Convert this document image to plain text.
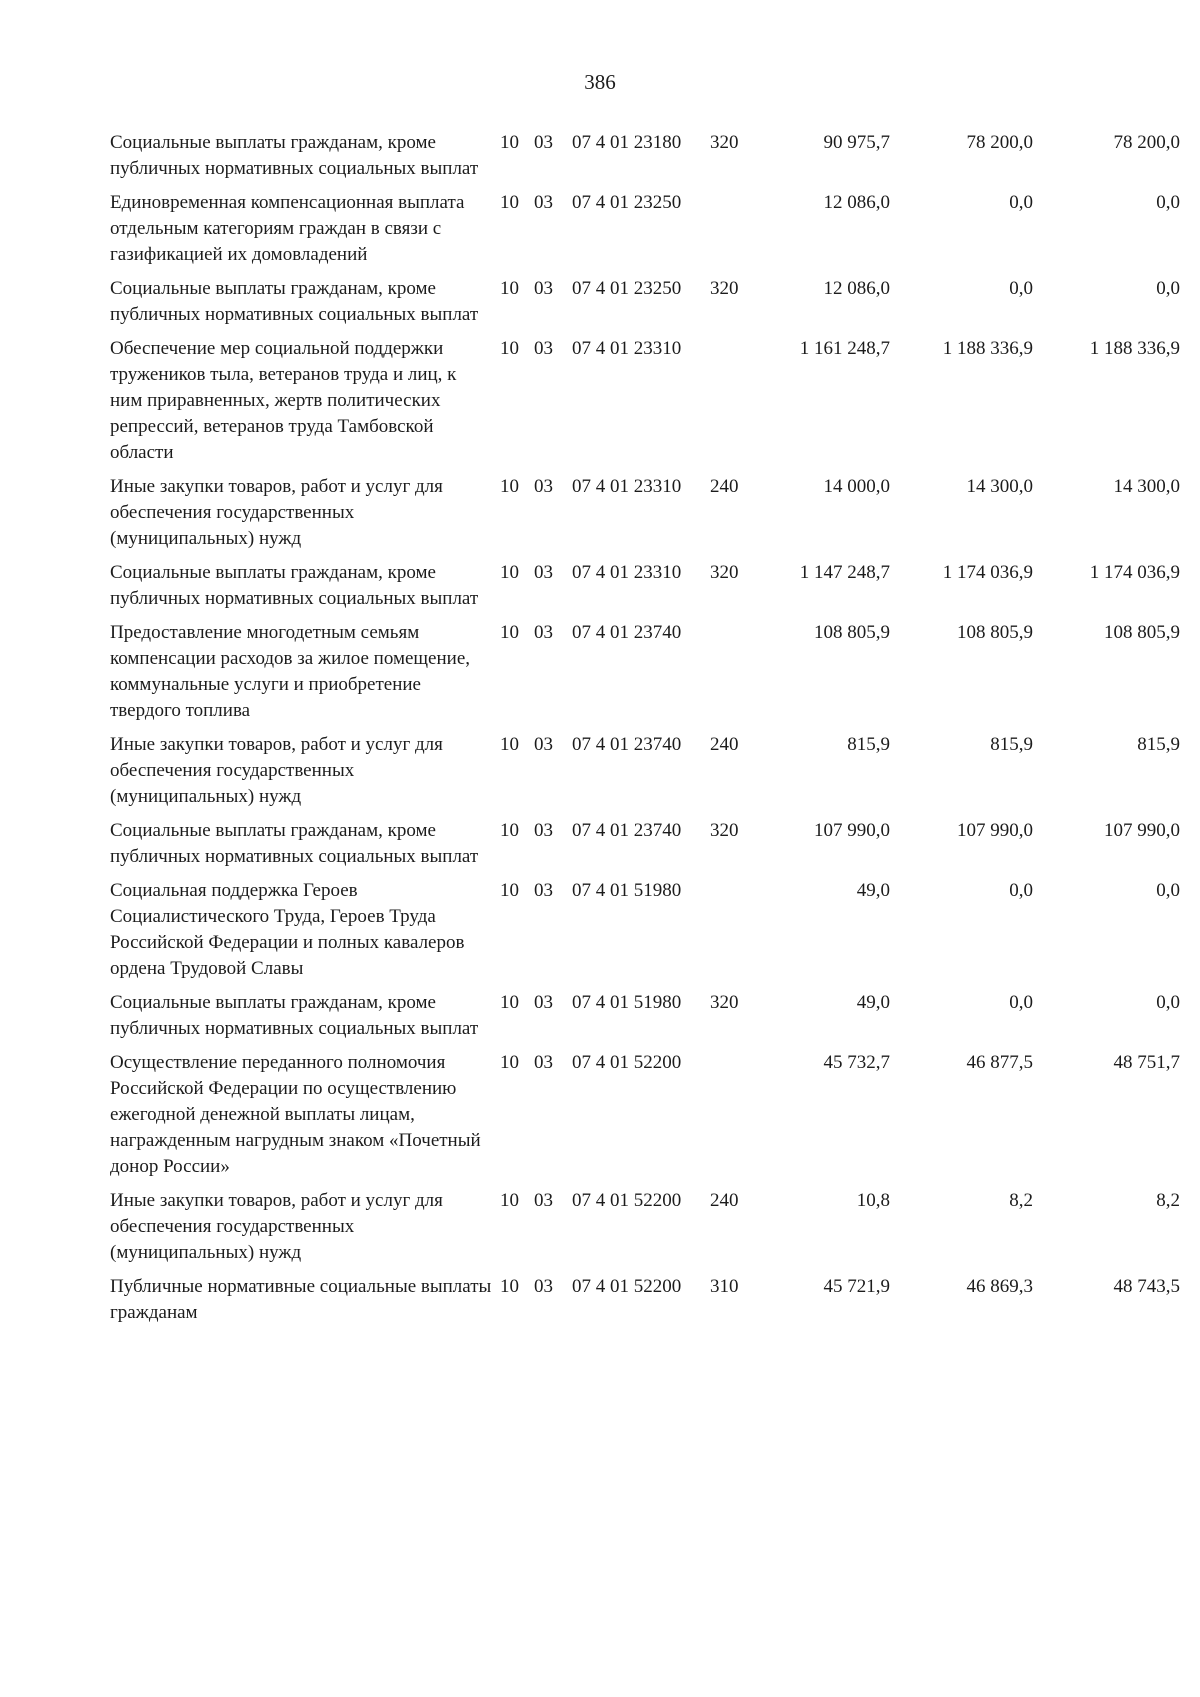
386
Социальные выплаты гражданам, кроме публичных нормативных социальных выплат	10	03	07 4 01 23180	320	90 975,7	78 200,0	78 200,0
Единовременная компенсационная выплата отдельным категориям граждан в связи с газификацией их домовладений	10	03	07 4 01 23250		12 086,0	0,0	0,0
Социальные выплаты гражданам, кроме публичных нормативных социальных выплат	10	03	07 4 01 23250	320	12 086,0	0,0	0,0
Обеспечение мер социальной поддержки тружеников тыла, ветеранов труда и лиц, к ним приравненных, жертв политических репрессий, ветеранов труда Тамбовской области	10	03	07 4 01 23310		1 161 248,7	1 188 336,9	1 188 336,9
Иные закупки товаров, работ и услуг для обеспечения государственных (муниципальных) нужд	10	03	07 4 01 23310	240	14 000,0	14 300,0	14 300,0
Социальные выплаты гражданам, кроме публичных нормативных социальных выплат	10	03	07 4 01 23310	320	1 147 248,7	1 174 036,9	1 174 036,9
Предоставление многодетным семьям компенсации расходов за жилое помещение, коммунальные услуги и приобретение твердого топлива	10	03	07 4 01 23740		108 805,9	108 805,9	108 805,9
Иные закупки товаров, работ и услуг для обеспечения государственных (муниципальных) нужд	10	03	07 4 01 23740	240	815,9	815,9	815,9
Социальные выплаты гражданам, кроме публичных нормативных социальных выплат	10	03	07 4 01 23740	320	107 990,0	107 990,0	107 990,0
Социальная поддержка Героев Социалистического Труда, Героев Труда Российской Федерации и полных кавалеров ордена Трудовой Славы	10	03	07 4 01 51980		49,0	0,0	0,0
Социальные выплаты гражданам, кроме публичных нормативных социальных выплат	10	03	07 4 01 51980	320	49,0	0,0	0,0
Осуществление переданного полномочия Российской Федерации по осуществлению ежегодной денежной выплаты лицам, награжденным нагрудным знаком «Почетный донор России»	10	03	07 4 01 52200		45 732,7	46 877,5	48 751,7
Иные закупки товаров, работ и услуг для обеспечения государственных (муниципальных) нужд	10	03	07 4 01 52200	240	10,8	8,2	8,2
Публичные нормативные социальные выплаты гражданам	10	03	07 4 01 52200	310	45 721,9	46 869,3	48 743,5
